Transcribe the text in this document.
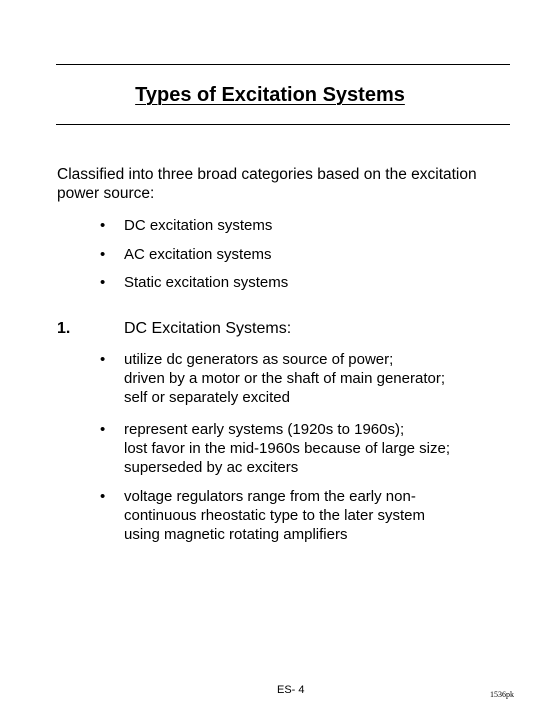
Types of Excitation Systems
Classified into three broad categories based on the excitation power source:
• DC excitation systems
• AC excitation systems
• Static excitation systems
1.	DC Excitation Systems:
• utilize dc generators as source of power;
driven by a motor or the shaft of main generator;
self or separately excited
• represent early systems (1920s to 1960s);
lost favor in the mid-1960s because of large size;
superseded by ac exciters
• voltage regulators range from the early non-
continuous rheostatic type to the later system
using magnetic rotating amplifiers
ES- 4	1536pk
